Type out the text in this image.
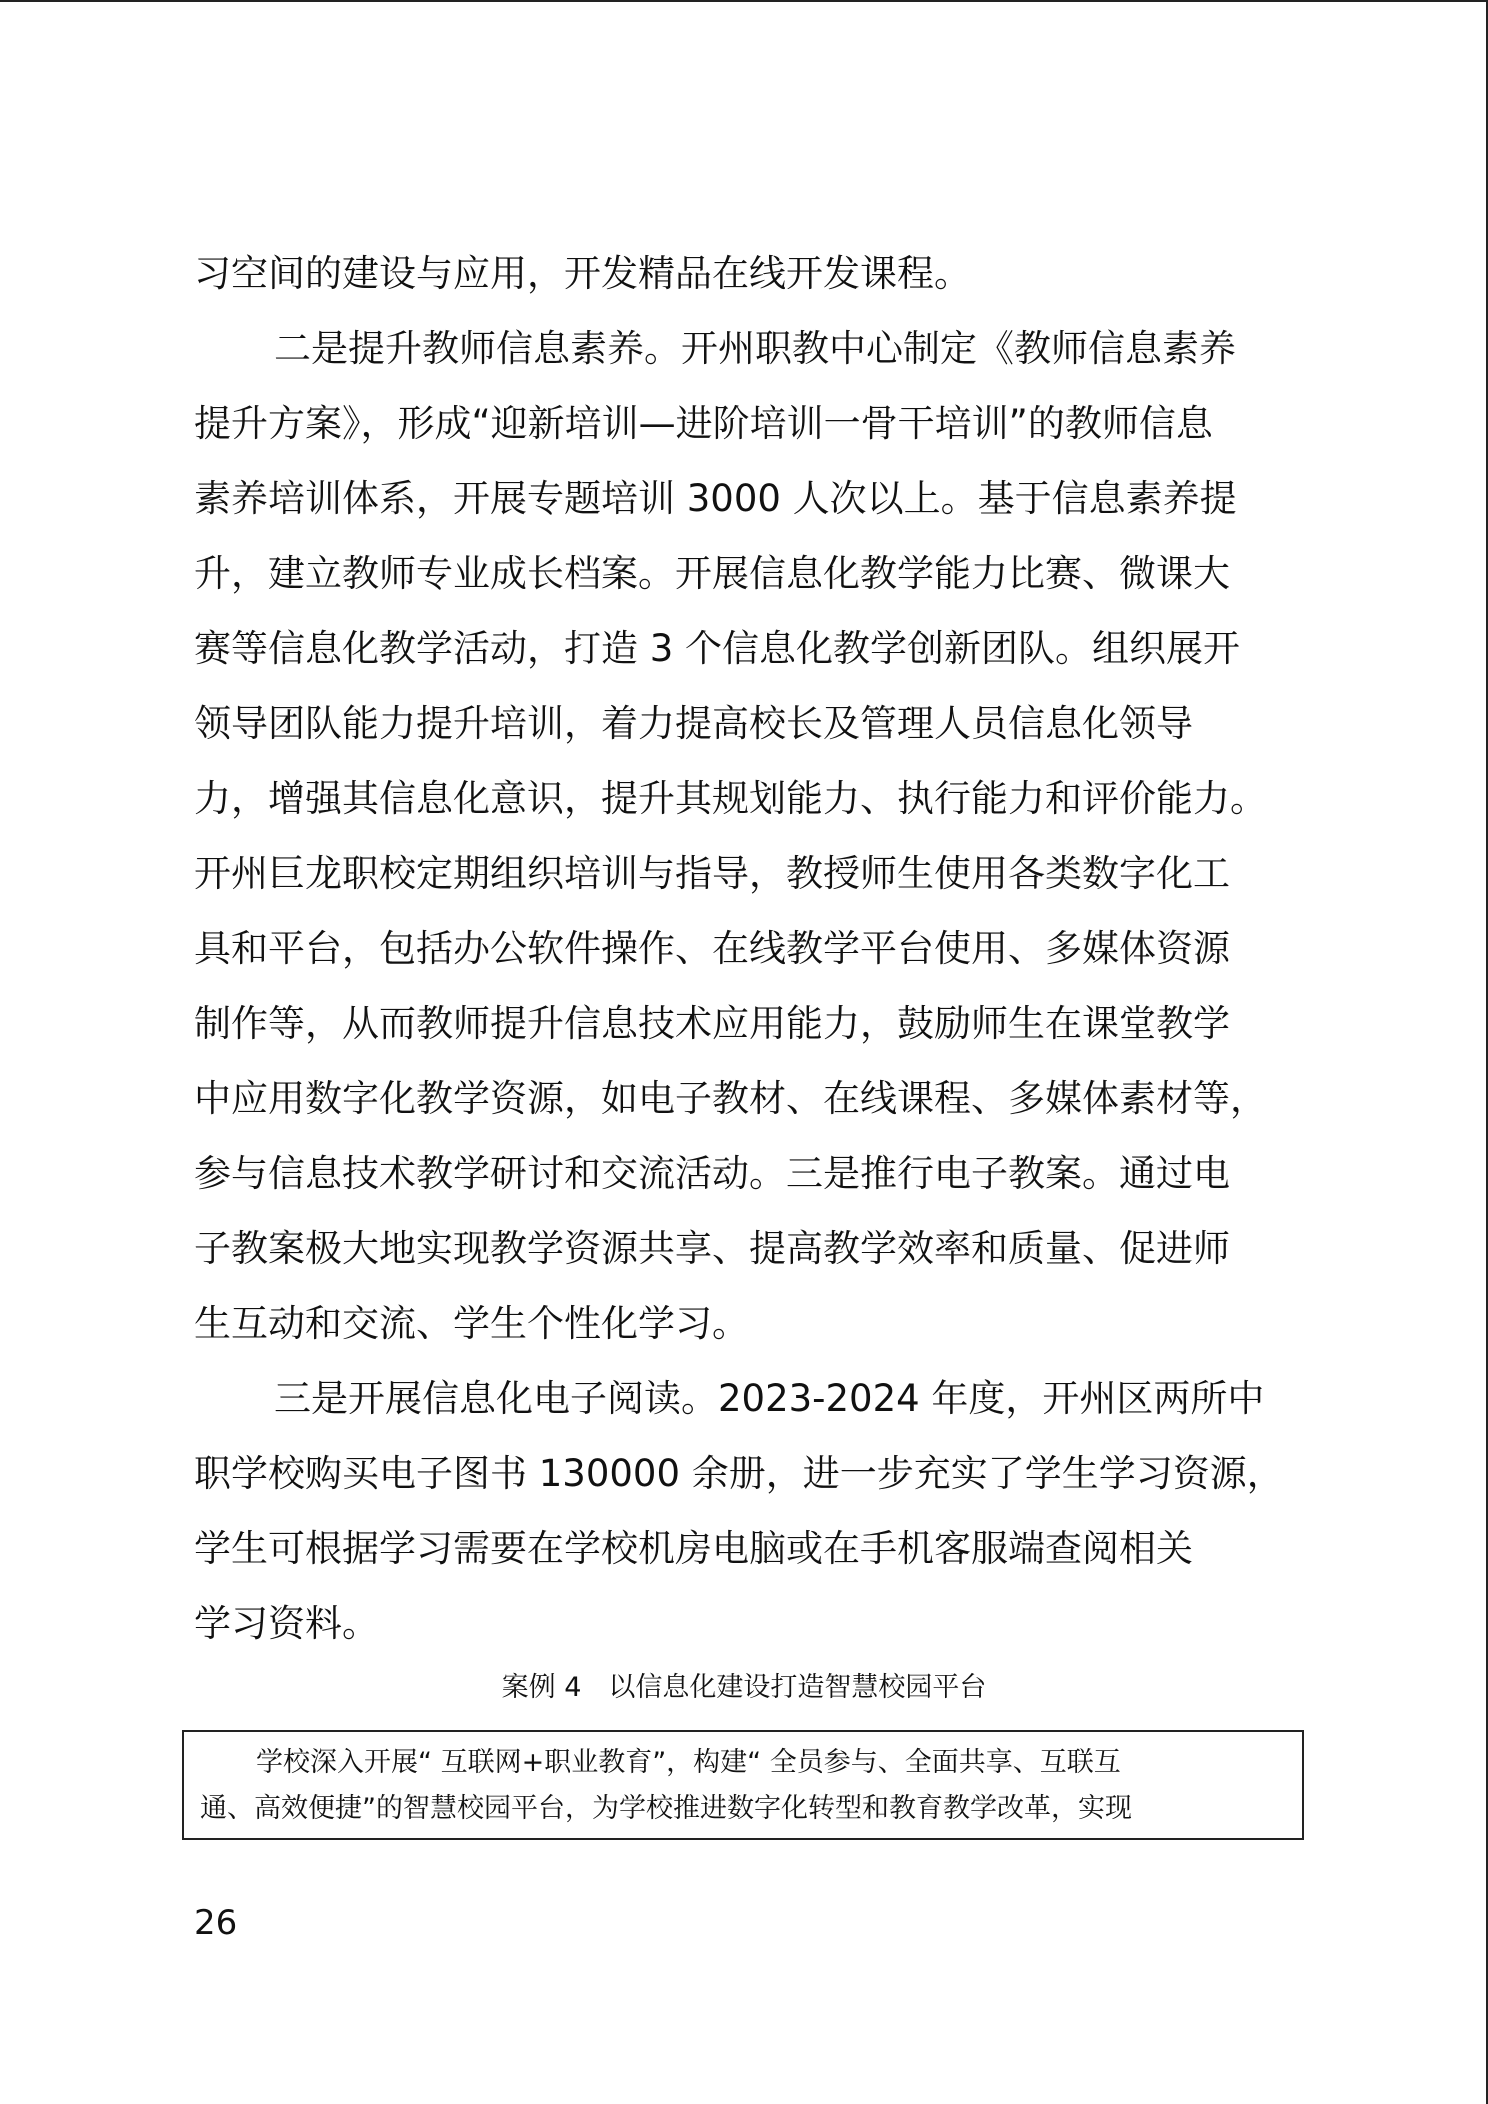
习空间的建设与应用，开发精品在线开发课程。
二是提升教师信息素养。开州职教中心制定《教师信息素养
提升方案》，形成“迎新培训—进阶培训一骨干培训”的教师信息
素养培训体系，开展专题培训 3000 人次以上。基于信息素养提
升，建立教师专业成长档案。开展信息化教学能力比赛、微课大
赛等信息化教学活动，打造 3 个信息化教学创新团队。组织展开
领导团队能力提升培训，着力提高校长及管理人员信息化领导
力，增强其信息化意识，提升其规划能力、执行能力和评价能力。
开州巨龙职校定期组织培训与指导，教授师生使用各类数字化工
具和平台，包括办公软件操作、在线教学平台使用、多媒体资源
制作等，从而教师提升信息技术应用能力，鼓励师生在课堂教学
中应用数字化教学资源，如电子教材、在线课程、多媒体素材等，
参与信息技术教学研讨和交流活动。三是推行电子教案。通过电
子教案极大地实现教学资源共享、提高教学效率和质量、促进师
生互动和交流、学生个性化学习。
三是开展信息化电子阅读。2023-2024 年度，开州区两所中
职学校购买电子图书 130000 余册，进一步充实了学生学习资源，
学生可根据学习需要在学校机房电脑或在手机客服端查阅相关
学习资料。
案例 4　以信息化建设打造智慧校园平台
学校深入开展“ 互联网+职业教育”，构建“ 全员参与、全面共享、互联互
通、高效便捷”的智慧校园平台，为学校推进数字化转型和教育教学改革，实现
26
